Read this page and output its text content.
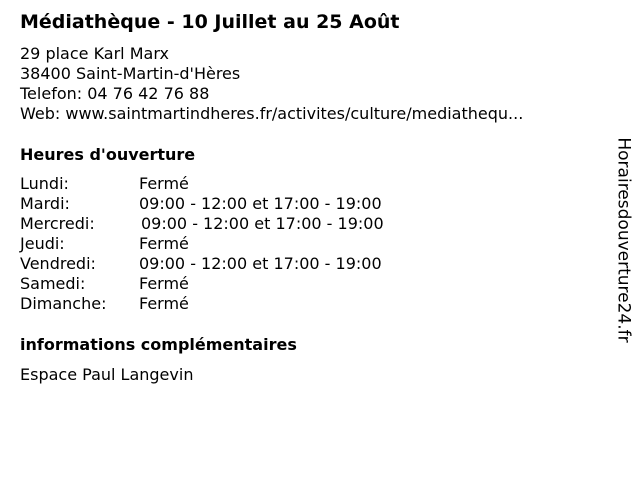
Médiathèque - 10 Juillet au 25 Août
29 place Karl Marx
38400 Saint-Martin-d'Hères
Telefon: 04 76 42 76 88
Web: www.saintmartindheres.fr/activites/culture/mediathequ...
Heures d'ouverture
Lundi:	Fermé
Mardi:	09:00 - 12:00 et 17:00 - 19:00
Mercredi:	09:00 - 12:00 et 17:00 - 19:00
Jeudi:	Fermé
Vendredi:	09:00 - 12:00 et 17:00 - 19:00
Samedi:	Fermé
Dimanche: Fermé
informations complémentaires
Espace Paul Langevin
Horairesdouverture24.fr
